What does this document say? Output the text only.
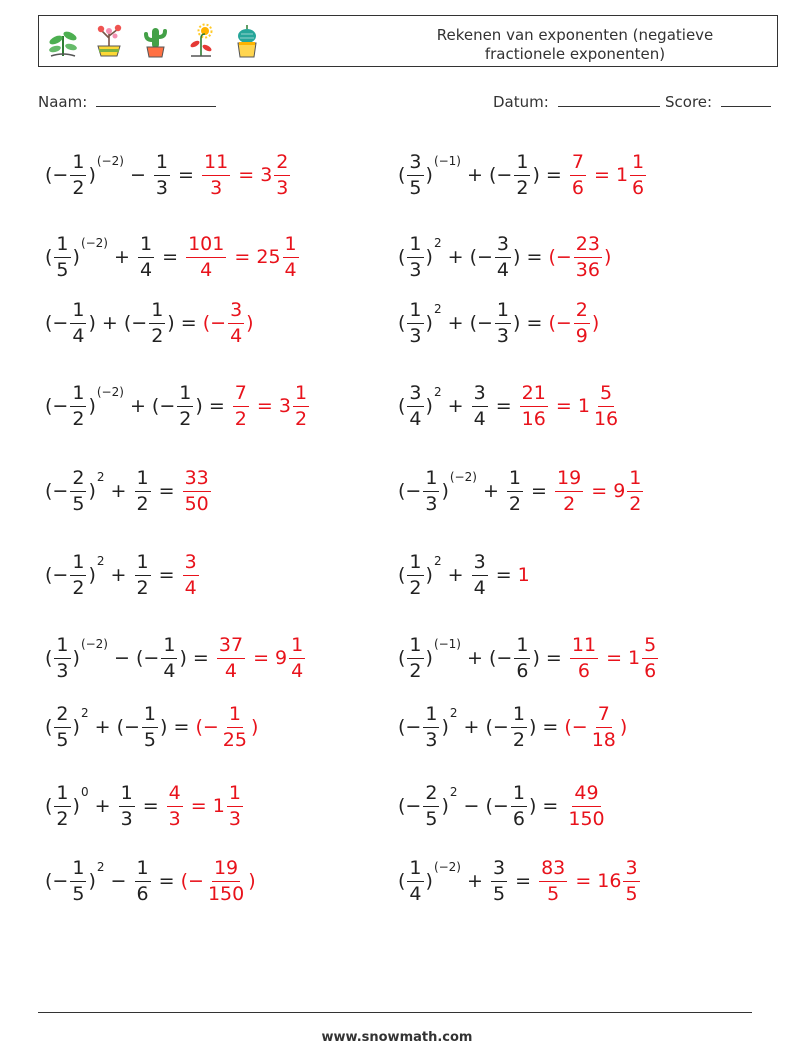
Rekenen van exponenten (negatieve
fractionele exponenten)
Naam:	Datum:	Score:
( − $\frac{1}{2}$ )
(−2)
− $\frac{1}{3} = \frac{11}{3} = 3 \frac{2}{3}$	( $\frac{3}{5}$ )
(−1)
+ ( − $\frac{1}{2}$ ) = $\frac{7}{6} = 1 \frac{1}{6}$
( $\frac{1}{5}$ )
(−2)
+ $\frac{1}{4} = \frac{101}{4} = 25 \frac{1}{4}$	( $\frac{1}{3}$ )
2
+ ( − $\frac{3}{4}$ ) = (− $\frac{23}{36}$ )
( − $\frac{1}{4}$ ) + ( − $\frac{1}{2}$ ) = (− $\frac{3}{4}$ )	( $\frac{1}{3}$ )
2
+ ( − $\frac{1}{3}$ ) = (− $\frac{2}{9}$ )
( − $\frac{1}{2}$ )
(−2)
+ ( − $\frac{1}{2}$ ) = $\frac{7}{2} = 3 \frac{1}{2}$	( $\frac{3}{4}$ )
2
+ $\frac{3}{4} = \frac{21}{16} = 1 \frac{5}{16}$
( − $\frac{2}{5}$ )
2
+ $\frac{1}{2} = \frac{33}{50}$	( − $\frac{1}{3}$ )
(−2)
+ $\frac{1}{2} = \frac{19}{2} = 9 \frac{1}{2}$
( − $\frac{1}{2}$ )
2
+ $\frac{1}{2} = \frac{3}{4}$	( $\frac{1}{2}$ )
2
+ $\frac{3}{4} = 1$
( $\frac{1}{3}$ )
(−2)
− ( − $\frac{1}{4}$ ) = $\frac{37}{4} = 9 \frac{1}{4}$	( $\frac{1}{2}$ )
(−1)
+ ( − $\frac{1}{6}$ ) = $\frac{11}{6} = 1 \frac{5}{6}$
( $\frac{2}{5}$ )
2
+ ( − $\frac{1}{5}$ ) = (− $\frac{1}{25}$ )	( − $\frac{1}{3}$ )
2
+ ( − $\frac{1}{2}$ ) = (− $\frac{7}{18}$ )
( $\frac{1}{2}$ )
0
+ $\frac{1}{3} = \frac{4}{3} = 1 \frac{1}{3}$	( − $\frac{2}{5}$ )
2
− ( − $\frac{1}{6}$ ) = $\frac{49}{150}$
( − $\frac{1}{5}$ )
2
− $\frac{1}{6}$ = (− $\frac{19}{150}$ )	( $\frac{1}{4}$ )
(−2)
+ $\frac{3}{5} = \frac{83}{5} = 16 \frac{3}{5}$
www.snowmath.com
